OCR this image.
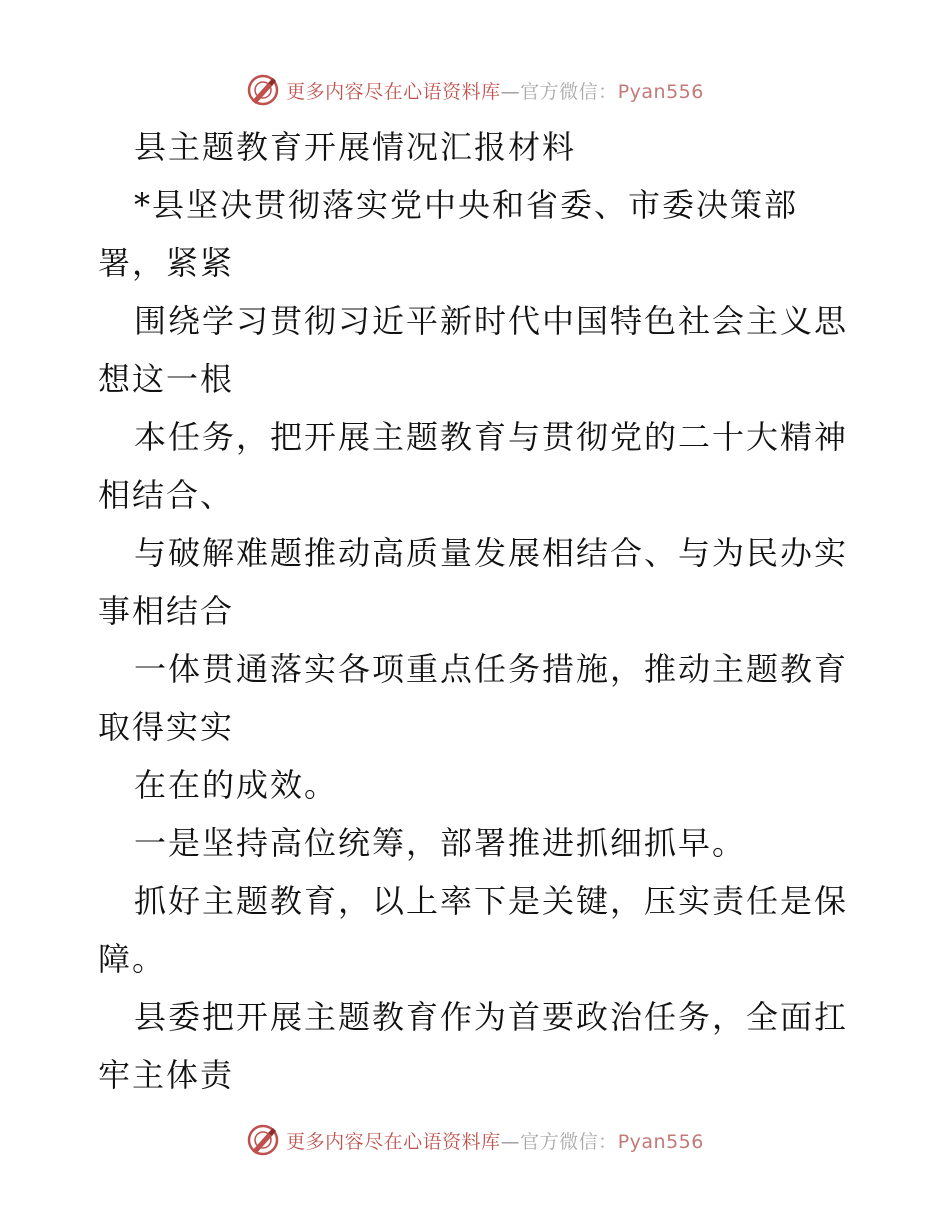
更多内容尽在心语资料库—官方微信：Pyan556
县主题教育开展情况汇报材料
*县坚决贯彻落实党中央和省委、市委决策部
署，紧紧
围绕学习贯彻习近平新时代中国特色社会主义思
想这一根
本任务，把开展主题教育与贯彻党的二十大精神
相结合、
与破解难题推动高质量发展相结合、与为民办实
事相结合
一体贯通落实各项重点任务措施，推动主题教育
取得实实
在在的成效。
一是坚持高位统筹，部署推进抓细抓早。
抓好主题教育，以上率下是关键，压实责任是保
障。
县委把开展主题教育作为首要政治任务，全面扛
牢主体责
更多内容尽在心语资料库—官方微信：Pyan556
